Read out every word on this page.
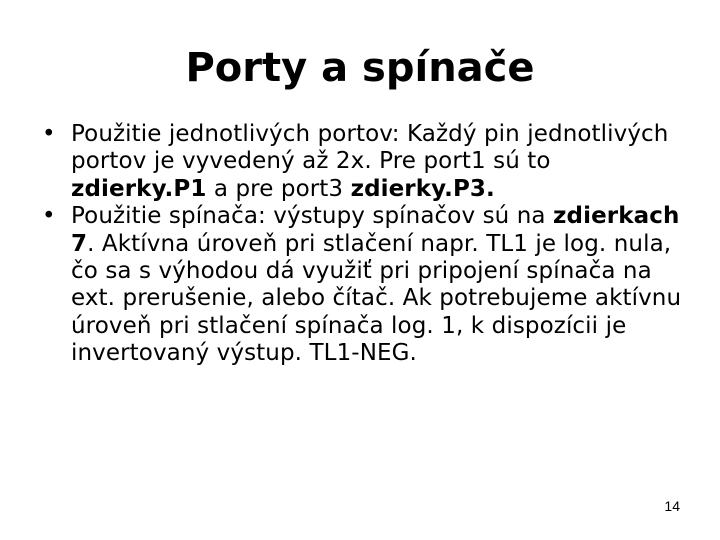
Porty a spínače
• Použitie jednotlivých portov: Každý pin jednotlivých portov je vyvedený až 2x. Pre port1 sú to zdierky.P1 a pre port3 zdierky.P3.
• Použitie spínača: výstupy spínačov sú na zdierkach 7. Aktívna úroveň pri stlačení napr. TL1 je log. nula, čo sa s výhodou dá využiť pri pripojení spínača na ext. prerušenie, alebo čítač. Ak potrebujeme aktívnu úroveň pri stlačení spínača log. 1, k dispozícii je invertovaný výstup. TL1-NEG.
14
